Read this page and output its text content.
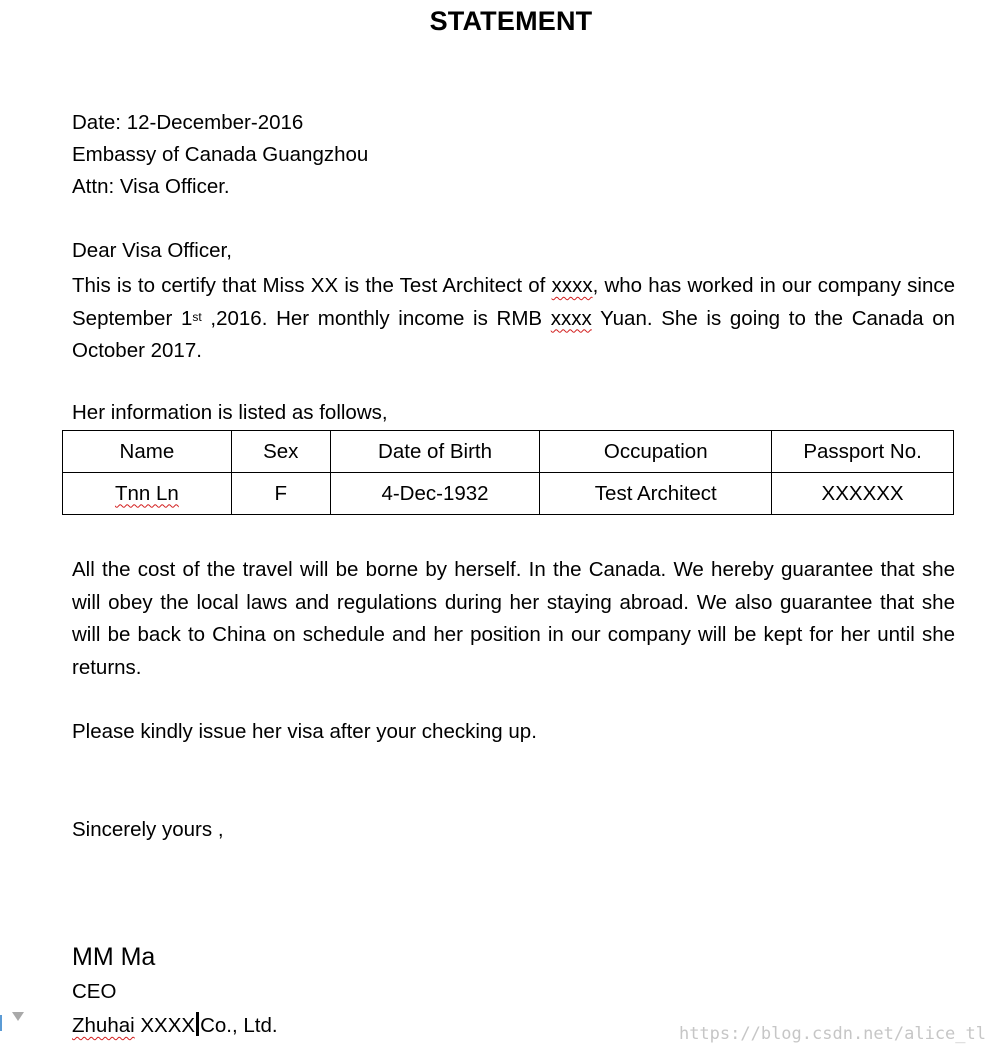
STATEMENT
Date: 12-December-2016
Embassy of Canada Guangzhou
Attn: Visa Officer.
Dear Visa Officer,
This is to certify that Miss XX is the Test Architect of xxxx, who has worked in our company since September 1st ,2016. Her monthly income is RMB xxxx Yuan. She is going to the Canada on October 2017.
Her information is listed as follows,
Name	Sex	Date of Birth	Occupation	Passport No.
Tnn Ln	F	4-Dec-1932	Test Architect	XXXXXX
All the cost of the travel will be borne by herself. In the Canada. We hereby guarantee that she will obey the local laws and regulations during her staying abroad. We also guarantee that she will be back to China on schedule and her position in our company will be kept for her until she returns.
Please kindly issue her visa after your checking up.
Sincerely yours ,
MM Ma
CEO
Zhuhai XXXX Co., Ltd.	https://blog.csdn.net/alice_tl
